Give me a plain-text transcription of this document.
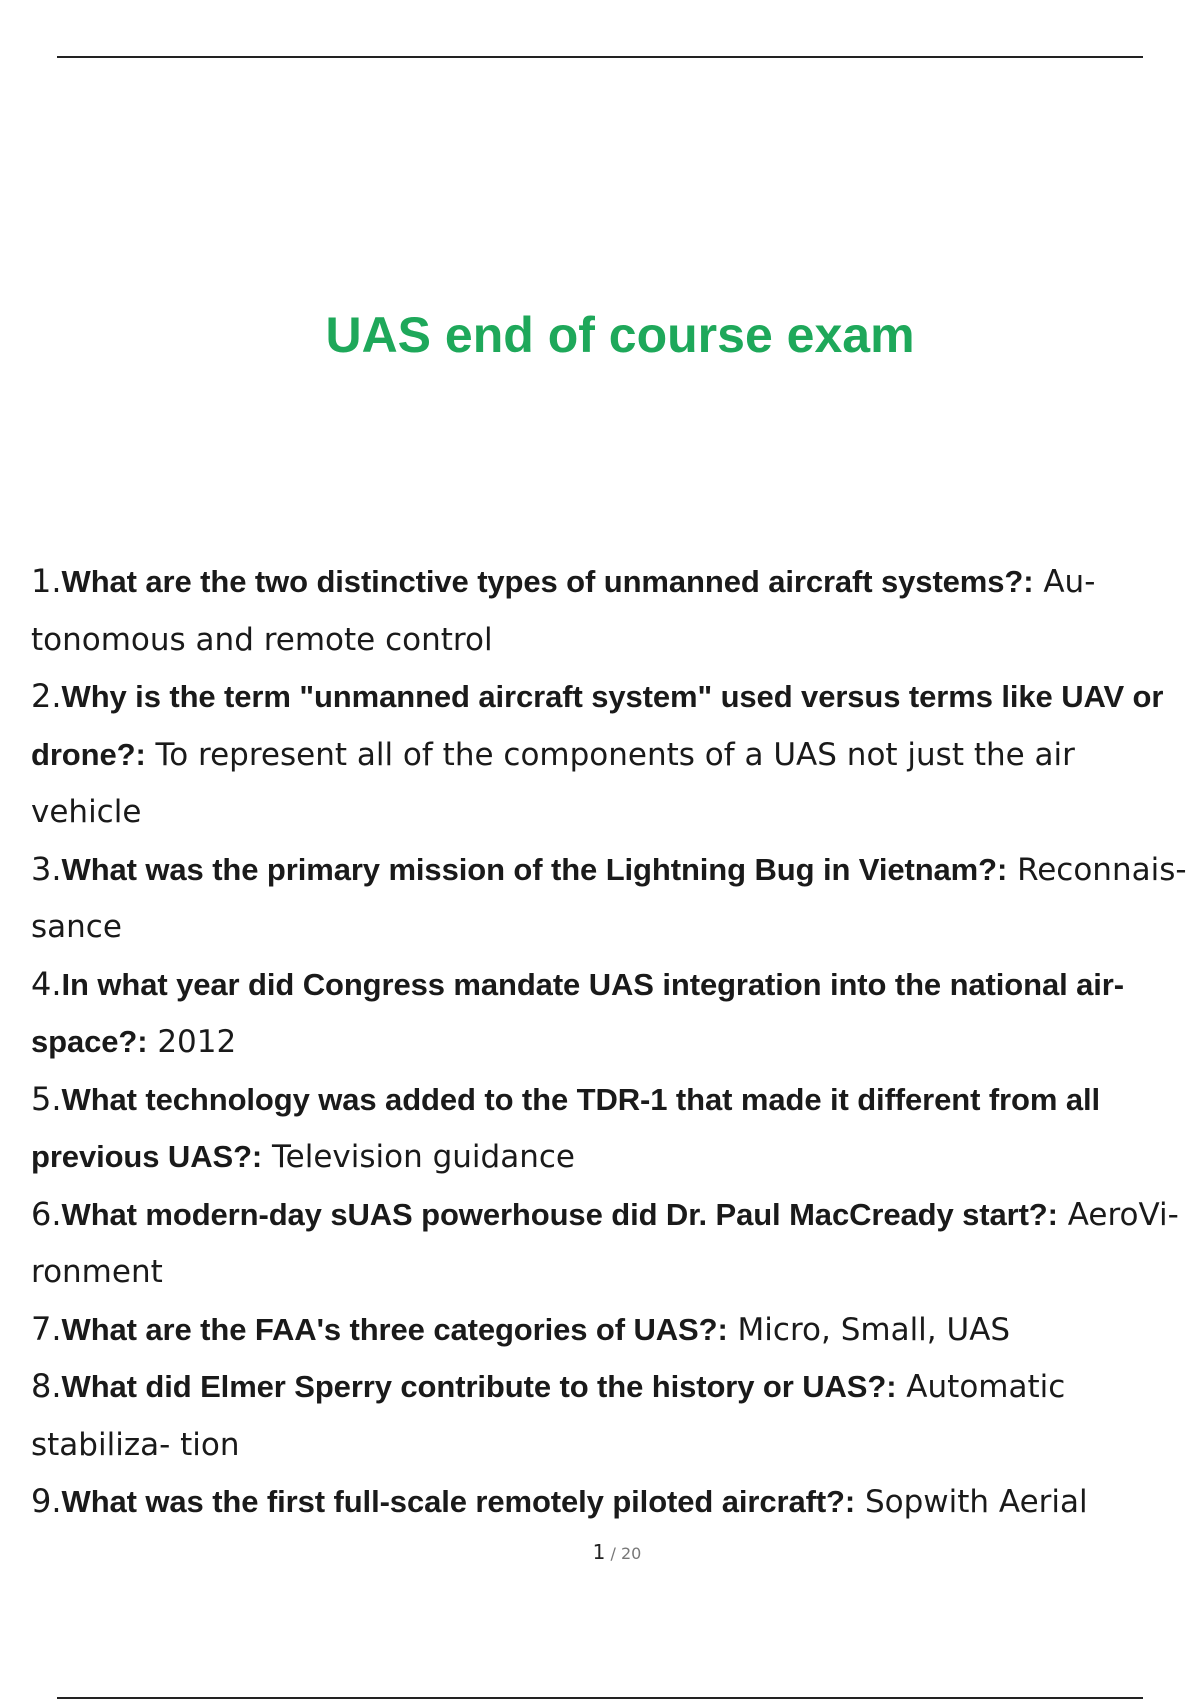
UAS end of course exam
1.What are the two distinctive types of unmanned aircraft systems?: Au- tonomous and remote control
2.Why is the term "unmanned aircraft system" used versus terms like UAV or drone?: To represent all of the components of a UAS not just the air vehicle
3.What was the primary mission of the Lightning Bug in Vietnam?: Reconnais- sance
4.In what year did Congress mandate UAS integration into the national air- space?: 2012
5.What technology was added to the TDR-1 that made it different from all previous UAS?: Television guidance
6.What modern-day sUAS powerhouse did Dr. Paul MacCready start?: AeroVi- ronment
7.What are the FAA's three categories of UAS?: Micro, Small, UAS
8.What did Elmer Sperry contribute to the history or UAS?: Automatic stabiliza- tion
9.What was the first full-scale remotely piloted aircraft?: Sopwith Aerial
1 / 20
